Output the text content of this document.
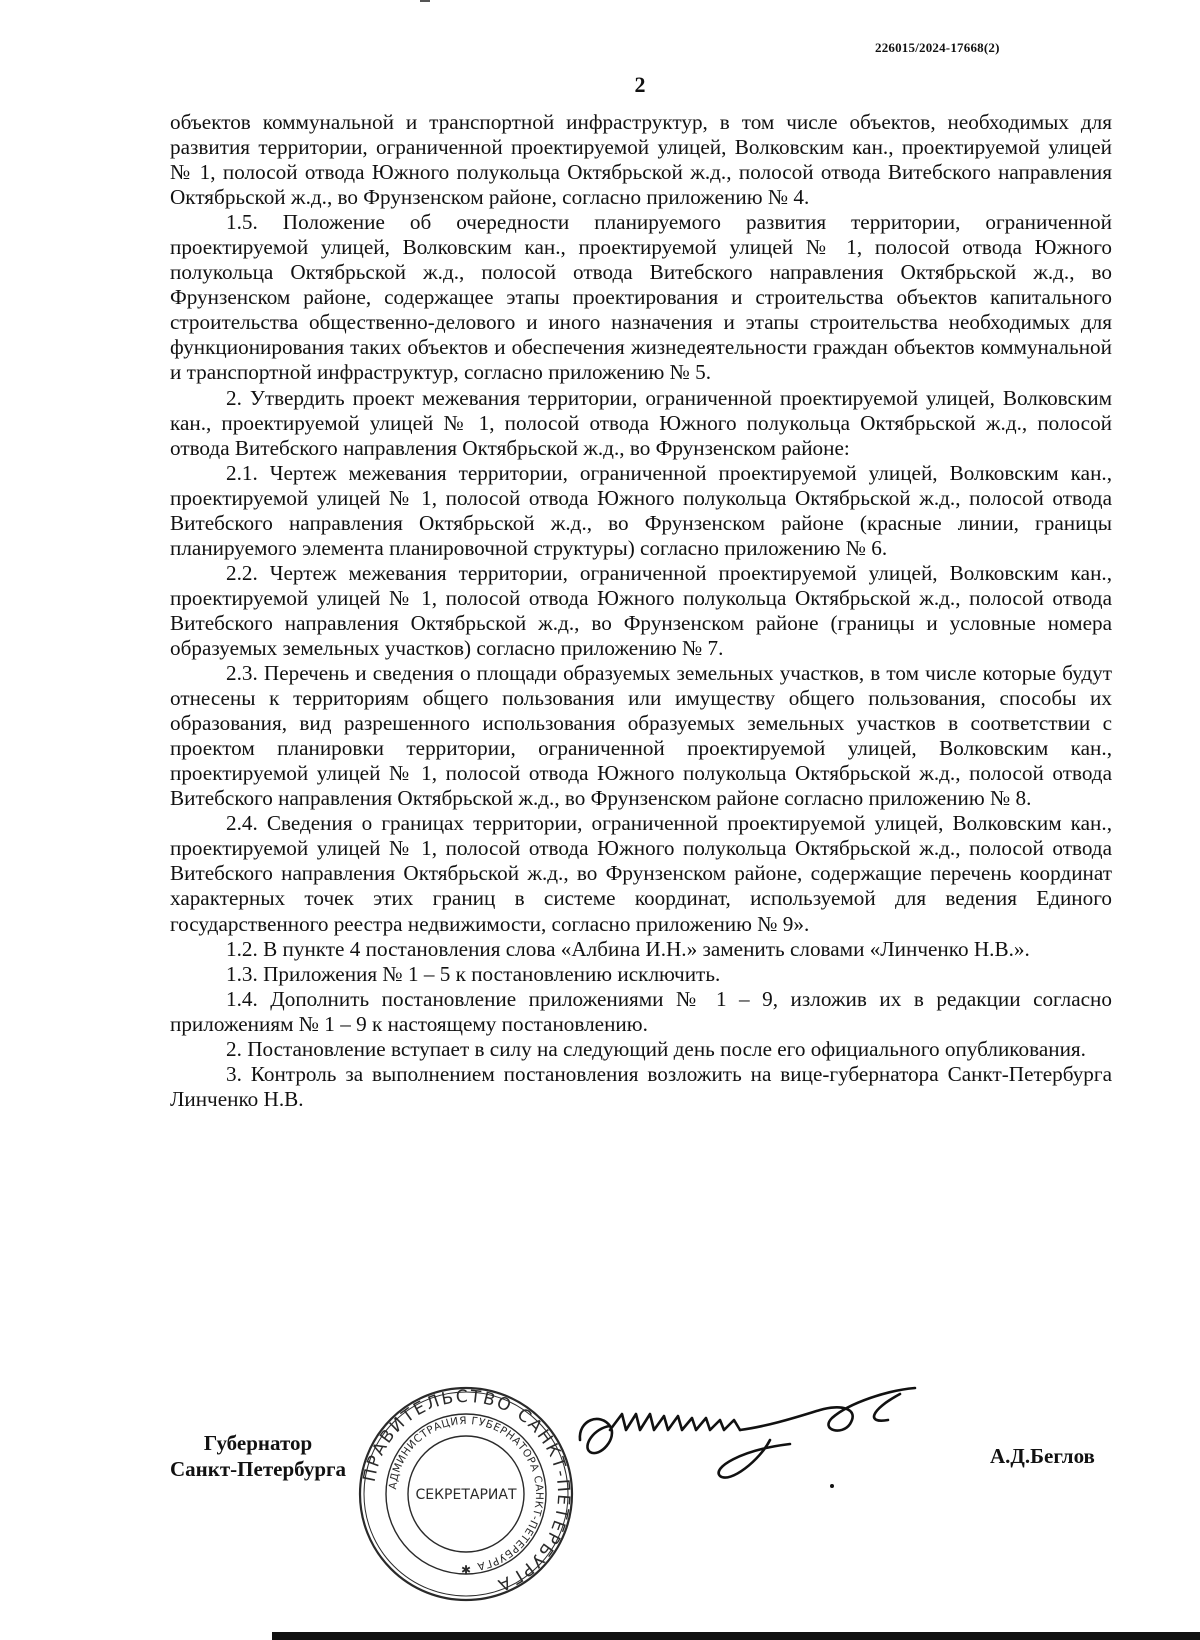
226015/2024-17668(2)
2

объектов коммунальной и транспортной инфраструктур, в том числе объектов, необходимых для развития территории, ограниченной проектируемой улицей, Волковским кан., проектируемой улицей № 1, полосой отвода Южного полукольца Октябрьской ж.д., полосой отвода Витебского направления Октябрьской ж.д., во Фрунзенском районе, согласно приложению № 4.

1.5. Положение об очередности планируемого развития территории, ограниченной проектируемой улицей, Волковским кан., проектируемой улицей № 1, полосой отвода Южного полукольца Октябрьской ж.д., полосой отвода Витебского направления Октябрьской ж.д., во Фрунзенском районе, содержащее этапы проектирования и строительства объектов капитального строительства общественно-делового и иного назначения и этапы строительства необходимых для функционирования таких объектов и обеспечения жизнедеятельности граждан объектов коммунальной и транспортной инфраструктур, согласно приложению № 5.

2. Утвердить проект межевания территории, ограниченной проектируемой улицей, Волковским кан., проектируемой улицей № 1, полосой отвода Южного полукольца Октябрьской ж.д., полосой отвода Витебского направления Октябрьской ж.д., во Фрунзенском районе:

2.1. Чертеж межевания территории, ограниченной проектируемой улицей, Волковским кан., проектируемой улицей № 1, полосой отвода Южного полукольца Октябрьской ж.д., полосой отвода Витебского направления Октябрьской ж.д., во Фрунзенском районе (красные линии, границы планируемого элемента планировочной структуры) согласно приложению № 6.

2.2. Чертеж межевания территории, ограниченной проектируемой улицей, Волковским кан., проектируемой улицей № 1, полосой отвода Южного полукольца Октябрьской ж.д., полосой отвода Витебского направления Октябрьской ж.д., во Фрунзенском районе (границы и условные номера образуемых земельных участков) согласно приложению № 7.

2.3. Перечень и сведения о площади образуемых земельных участков, в том числе которые будут отнесены к территориям общего пользования или имуществу общего пользования, способы их образования, вид разрешенного использования образуемых земельных участков в соответствии с проектом планировки территории, ограниченной проектируемой улицей, Волковским кан., проектируемой улицей № 1, полосой отвода Южного полукольца Октябрьской ж.д., полосой отвода Витебского направления Октябрьской ж.д., во Фрунзенском районе согласно приложению № 8.

2.4. Сведения о границах территории, ограниченной проектируемой улицей, Волковским кан., проектируемой улицей № 1, полосой отвода Южного полукольца Октябрьской ж.д., полосой отвода Витебского направления Октябрьской ж.д., во Фрунзенском районе, содержащие перечень координат характерных точек этих границ в системе координат, используемой для ведения Единого государственного реестра недвижимости, согласно приложению № 9».

1.2. В пункте 4 постановления слова «Албина И.Н.» заменить словами «Линченко Н.В.».

1.3. Приложения № 1 – 5 к постановлению исключить.

1.4. Дополнить постановление приложениями № 1 – 9, изложив их в редакции согласно приложениям № 1 – 9 к настоящему постановлению.

2. Постановление вступает в силу на следующий день после его официального опубликования.

3. Контроль за выполнением постановления возложить на вице-губернатора Санкт-Петербурга Линченко Н.В.

Губернатор
Санкт-Петербурга ПРАВИТЕЛЬСТВО САНКТ-ПЕТЕРБУРГА
АДМИНИСТРАЦИЯ ГУБЕРНАТОРА САНКТ-ПЕТЕРБУРГА
СЕКРЕТАРИАТ
✱
А.Д.Беглов
